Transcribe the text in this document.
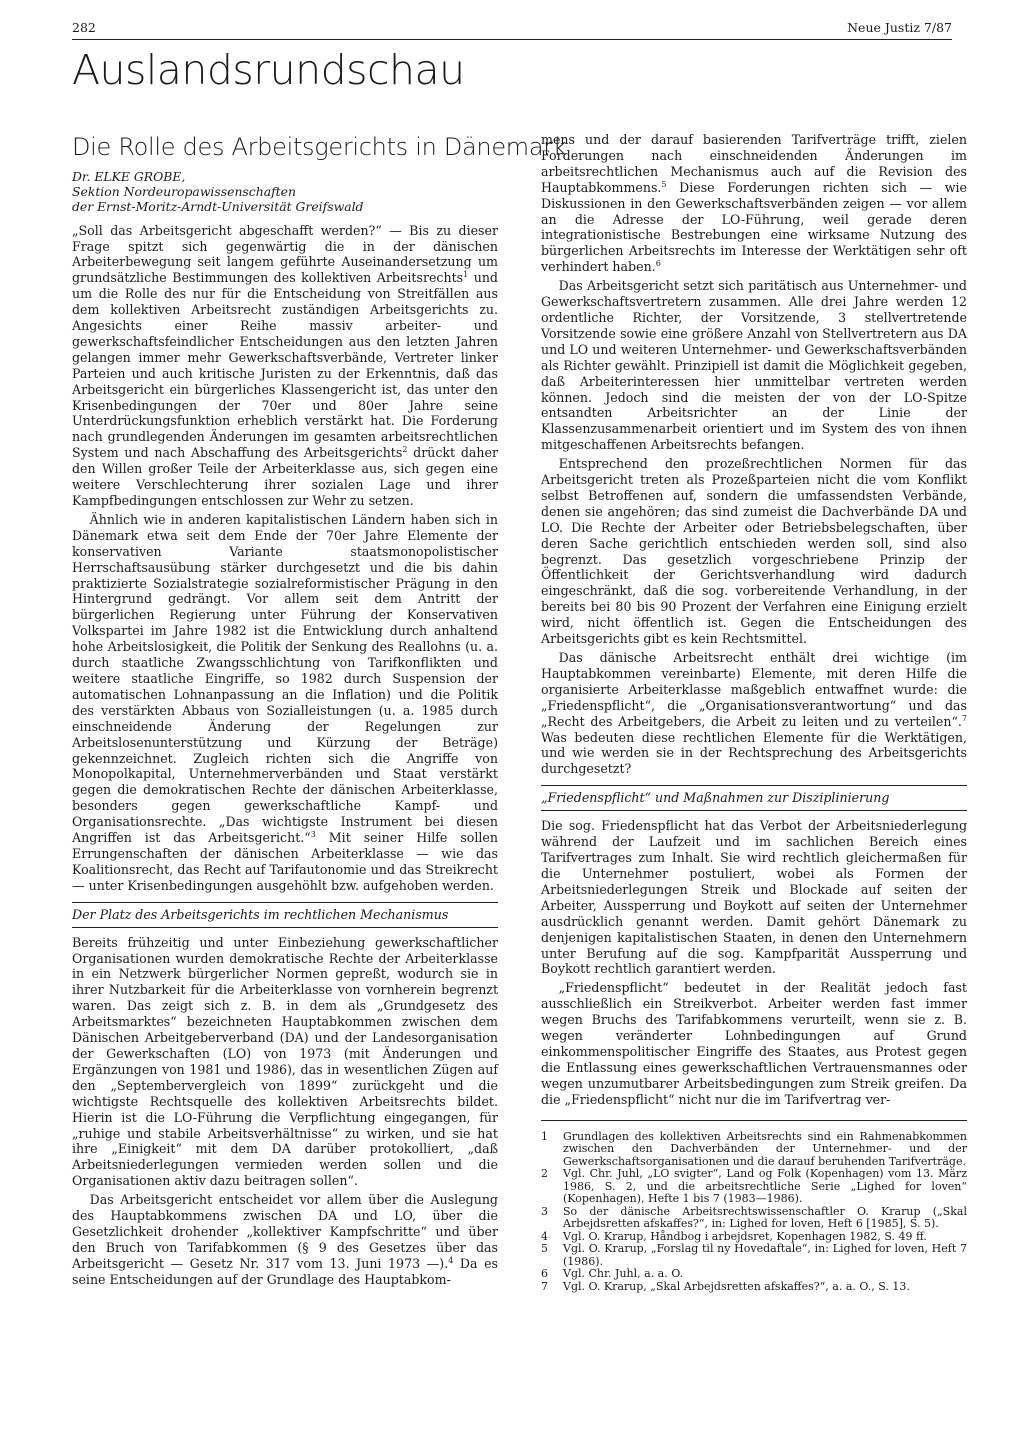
282	Neue Justiz 7/87
Auslandsrundschau
Die Rolle des Arbeitsgerichts in Dänemark
Dr. ELKE GROBE,
Sektion Nordeuropawissenschaften
der Ernst-Moritz-Arndt-Universität Greifswald

„Soll das Arbeitsgericht abgeschafft werden?“ — Bis zu dieser Frage spitzt sich gegenwärtig die in der dänischen Arbeiterbewegung seit langem geführte Auseinandersetzung um grundsätzliche Bestimmungen des kollektiven Arbeitsrechts$^1$ und um die Rolle des nur für die Entscheidung von Streitfällen aus dem kollektiven Arbeitsrecht zuständigen Arbeitsgerichts zu. Angesichts einer Reihe massiv arbeiter- und gewerkschaftsfeindlicher Entscheidungen aus den letzten Jahren gelangen immer mehr Gewerkschaftsverbände, Vertreter linker Parteien und auch kritische Juristen zu der Erkenntnis, daß das Arbeitsgericht ein bürgerliches Klassengericht ist, das unter den Krisenbedingungen der 70er und 80er Jahre seine Unterdrückungsfunktion erheblich verstärkt hat. Die Forderung nach grundlegenden Änderungen im gesamten arbeitsrechtlichen System und nach Abschaffung des Arbeitsgerichts$^2$ drückt daher den Willen großer Teile der Arbeiterklasse aus, sich gegen eine weitere Verschlechterung ihrer sozialen Lage und ihrer Kampfbedingungen entschlossen zur Wehr zu setzen.

Ähnlich wie in anderen kapitalistischen Ländern haben sich in Dänemark etwa seit dem Ende der 70er Jahre Elemente der konservativen Variante staatsmonopolistischer Herrschaftsausübung stärker durchgesetzt und die bis dahin praktizierte Sozialstrategie sozialreformistischer Prägung in den Hintergrund gedrängt. Vor allem seit dem Antritt der bürgerlichen Regierung unter Führung der Konservativen Volkspartei im Jahre 1982 ist die Entwicklung durch anhaltend hohe Arbeitslosigkeit, die Politik der Senkung des Reallohns (u. a. durch staatliche Zwangsschlichtung von Tarifkonflikten und weitere staatliche Eingriffe, so 1982 durch Suspension der automatischen Lohnanpassung an die Inflation) und die Politik des verstärkten Abbaus von Sozialleistungen (u. a. 1985 durch einschneidende Änderung der Regelungen zur Arbeitslosenunterstützung und Kürzung der Beträge) gekennzeichnet. Zugleich richten sich die Angriffe von Monopolkapital, Unternehmerverbänden und Staat verstärkt gegen die demokratischen Rechte der dänischen Arbeiterklasse, besonders gegen gewerkschaftliche Kampf- und Organisationsrechte. „Das wichtigste Instrument bei diesen Angriffen ist das Arbeitsgericht.“$^3$ Mit seiner Hilfe sollen Errungenschaften der dänischen Arbeiterklasse — wie das Koalitionsrecht, das Recht auf Tarifautonomie und das Streikrecht — unter Krisenbedingungen ausgehöhlt bzw. aufgehoben werden.

Der Platz des Arbeitsgerichts im rechtlichen Mechanismus

Bereits frühzeitig und unter Einbeziehung gewerkschaftlicher Organisationen wurden demokratische Rechte der Arbeiterklasse in ein Netzwerk bürgerlicher Normen gepreßt, wodurch sie in ihrer Nutzbarkeit für die Arbeiterklasse von vornherein begrenzt waren. Das zeigt sich z. B. in dem als „Grundgesetz des Arbeitsmarktes“ bezeichneten Hauptabkommen zwischen dem Dänischen Arbeitgeberverband (DA) und der Landesorganisation der Gewerkschaften (LO) von 1973 (mit Änderungen und Ergänzungen von 1981 und 1986), das in wesentlichen Zügen auf den „Septembervergleich von 1899“ zurückgeht und die wichtigste Rechtsquelle des kollektiven Arbeitsrechts bildet. Hierin ist die LO-Führung die Verpflichtung eingegangen, für „ruhige und stabile Arbeitsverhältnisse“ zu wirken, und sie hat ihre „Einigkeit“ mit dem DA darüber protokolliert, „daß Arbeitsniederlegungen vermieden werden sollen und die Organisationen aktiv dazu beitragen sollen“.

Das Arbeitsgericht entscheidet vor allem über die Auslegung des Hauptabkommens zwischen DA und LO, über die Gesetzlichkeit drohender „kollektiver Kampfschritte“ und über den Bruch von Tarifabkommen (§ 9 des Gesetzes über das Arbeitsgericht — Gesetz Nr. 317 vom 13. Juni 1973 —).$^4$ Da es seine Entscheidungen auf der Grundlage des Hauptabkom-

mens und der darauf basierenden Tarifverträge trifft, zielen Forderungen nach einschneidenden Änderungen im arbeitsrechtlichen Mechanismus auch auf die Revision des Hauptabkommens.$^5$ Diese Forderungen richten sich — wie Diskussionen in den Gewerkschaftsverbänden zeigen — vor allem an die Adresse der LO-Führung, weil gerade deren integrationistische Bestrebungen eine wirksame Nutzung des bürgerlichen Arbeitsrechts im Interesse der Werktätigen sehr oft verhindert haben.$^6$

Das Arbeitsgericht setzt sich paritätisch aus Unternehmer- und Gewerkschaftsvertretern zusammen. Alle drei Jahre werden 12 ordentliche Richter, der Vorsitzende, 3 stellvertretende Vorsitzende sowie eine größere Anzahl von Stellvertretern aus DA und LO und weiteren Unternehmer- und Gewerkschaftsverbänden als Richter gewählt. Prinzipiell ist damit die Möglichkeit gegeben, daß Arbeiterinteressen hier unmittelbar vertreten werden können. Jedoch sind die meisten der von der LO-Spitze entsandten Arbeitsrichter an der Linie der Klassenzusammenarbeit orientiert und im System des von ihnen mitgeschaffenen Arbeitsrechts befangen.

Entsprechend den prozeßrechtlichen Normen für das Arbeitsgericht treten als Prozeßparteien nicht die vom Konflikt selbst Betroffenen auf, sondern die umfassendsten Verbände, denen sie angehören; das sind zumeist die Dachverbände DA und LO. Die Rechte der Arbeiter oder Betriebsbelegschaften, über deren Sache gerichtlich entschieden werden soll, sind also begrenzt. Das gesetzlich vorgeschriebene Prinzip der Öffentlichkeit der Gerichtsverhandlung wird dadurch eingeschränkt, daß die sog. vorbereitende Verhandlung, in der bereits bei 80 bis 90 Prozent der Verfahren eine Einigung erzielt wird, nicht öffentlich ist. Gegen die Entscheidungen des Arbeitsgerichts gibt es kein Rechtsmittel.

Das dänische Arbeitsrecht enthält drei wichtige (im Hauptabkommen vereinbarte) Elemente, mit deren Hilfe die organisierte Arbeiterklasse maßgeblich entwaffnet wurde: die „Friedenspflicht“, die „Organisationsverantwortung“ und das „Recht des Arbeitgebers, die Arbeit zu leiten und zu verteilen“.$^7$ Was bedeuten diese rechtlichen Elemente für die Werktätigen, und wie werden sie in der Rechtsprechung des Arbeitsgerichts durchgesetzt?

„Friedenspflicht“ und Maßnahmen zur Disziplinierung

Die sog. Friedenspflicht hat das Verbot der Arbeitsniederlegung während der Laufzeit und im sachlichen Bereich eines Tarifvertrages zum Inhalt. Sie wird rechtlich gleichermaßen für die Unternehmer postuliert, wobei als Formen der Arbeitsniederlegungen Streik und Blockade auf seiten der Arbeiter, Aussperrung und Boykott auf seiten der Unternehmer ausdrücklich genannt werden. Damit gehört Dänemark zu denjenigen kapitalistischen Staaten, in denen den Unternehmern unter Berufung auf die sog. Kampfparität Aussperrung und Boykott rechtlich garantiert werden.

„Friedenspflicht“ bedeutet in der Realität jedoch fast ausschließlich ein Streikverbot. Arbeiter werden fast immer wegen Bruchs des Tarifabkommens verurteilt, wenn sie z. B. wegen veränderter Lohnbedingungen auf Grund einkommenspolitischer Eingriffe des Staates, aus Protest gegen die Entlassung eines gewerkschaftlichen Vertrauensmannes oder wegen unzumutbarer Arbeitsbedingungen zum Streik greifen. Da die „Friedenspflicht“ nicht nur die im Tarifvertrag ver-

1	Grundlagen des kollektiven Arbeitsrechts sind ein Rahmenabkommen zwischen den Dachverbänden der Unternehmer- und der Gewerkschaftsorganisationen und die darauf beruhenden Tarifverträge.
2	Vgl. Chr. Juhl, „LO svigter“, Land og Folk (Kopenhagen) vom 13. März 1986, S. 2, und die arbeitsrechtliche Serie „Lighed for loven“ (Kopenhagen), Hefte 1 bis 7 (1983—1986).
3	So der dänische Arbeitsrechtswissenschaftler O. Krarup („Skal Arbejdsretten afskaffes?“, in: Lighed for loven, Heft 6 [1985], S. 5).
4	Vgl. O. Krarup, Håndbog i arbejdsret, Kopenhagen 1982, S. 49 ff.
5	Vgl. O. Krarup, „Forslag til ny Hovedaftale“, in: Lighed for loven, Heft 7 (1986).
6	Vgl. Chr. Juhl, a. a. O.
7	Vgl. O. Krarup, „Skal Arbejdsretten afskaffes?“, a. a. O., S. 13.
